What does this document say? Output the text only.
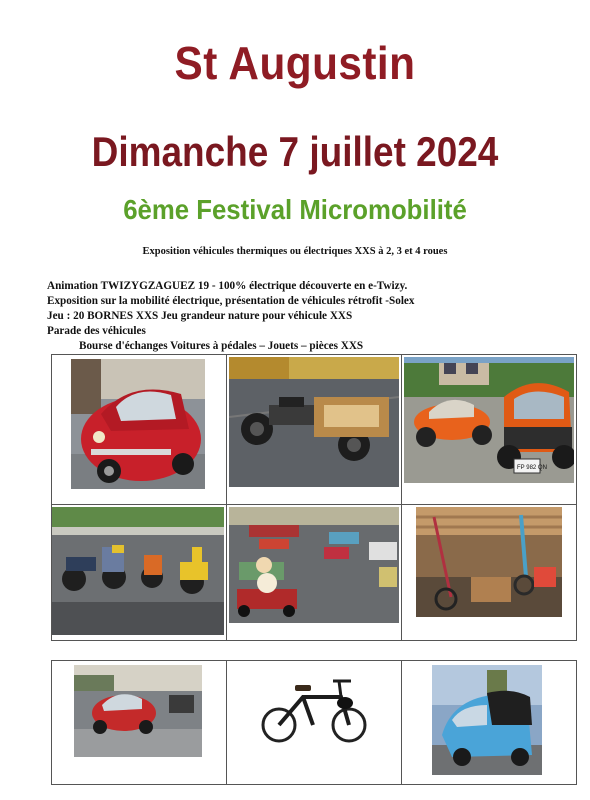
St Augustin
Dimanche 7 juillet 2024
6ème Festival Micromobilité

Exposition véhicules thermiques ou électriques XXS à 2, 3 et 4 roues

Animation TWIZYGZAGUEZ 19 - 100% électrique découverte en e-Twizy.
Exposition sur la mobilité électrique, présentation de véhicules rétrofit -Solex
Jeu : 20 BORNES XXS Jeu grandeur nature pour véhicule XXS
Parade des véhicules
Bourse d'échanges Voitures à pédales – Jouets – pièces XXS

FP 982 QN
